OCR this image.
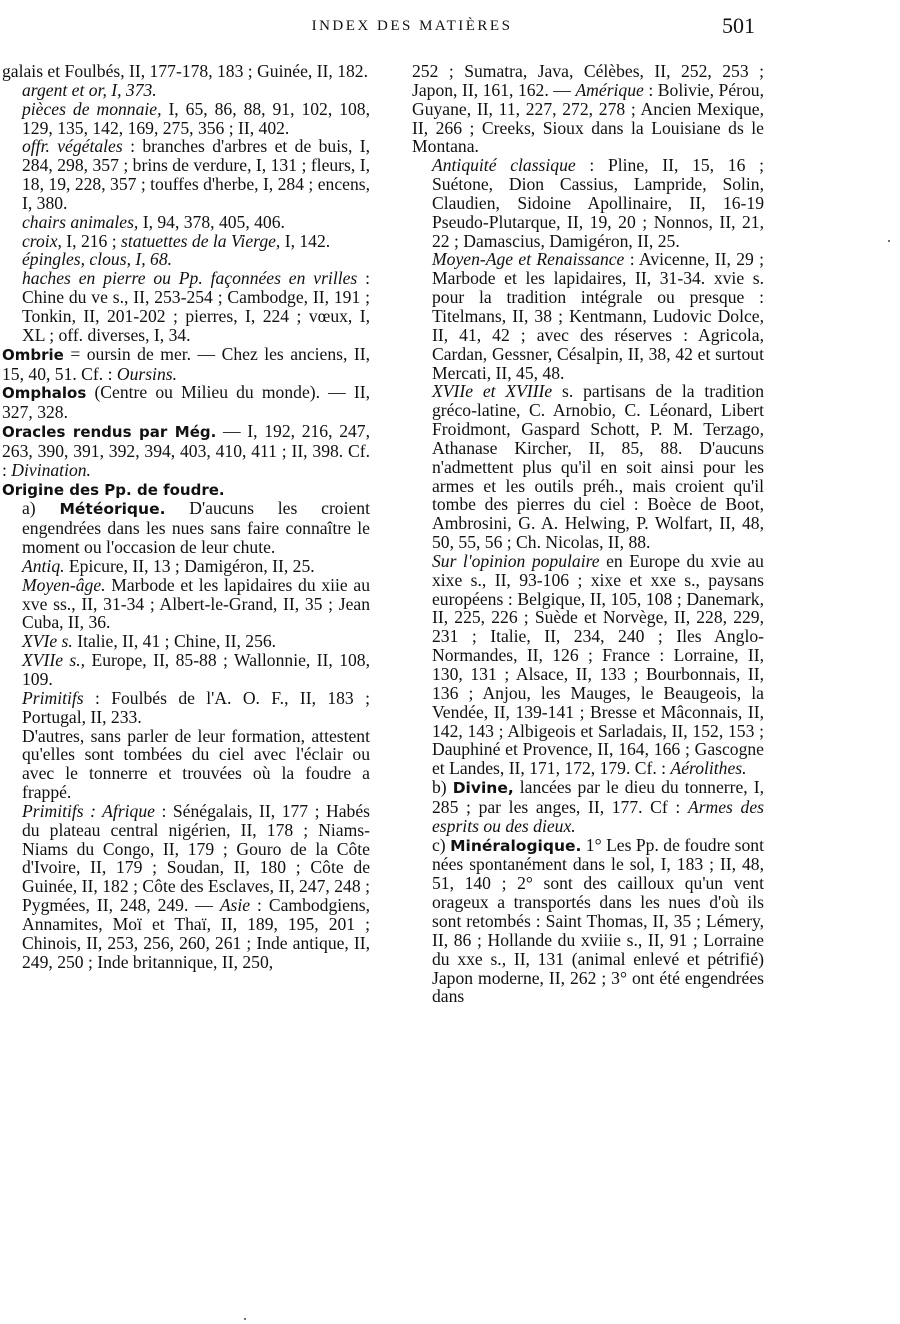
INDEX DES MATIÈRES	501

galais et Foulbés, II, 177-178, 183 ; Guinée, II, 182.

argent et or, I, 373.

pièces de monnaie, I, 65, 86, 88, 91, 102, 108, 129, 135, 142, 169, 275, 356 ; II, 402.

offr. végétales : branches d'arbres et de buis, I, 284, 298, 357 ; brins de verdure, I, 131 ; fleurs, I, 18, 19, 228, 357 ; touffes d'herbe, I, 284 ; encens, I, 380.

chairs animales, I, 94, 378, 405, 406.

croix, I, 216 ; statuettes de la Vierge, I, 142.

épingles, clous, I, 68.

haches en pierre ou Pp. façonnées en vrilles : Chine du ve s., II, 253-254 ; Cambodge, II, 191 ; Tonkin, II, 201-202 ; pierres, I, 224 ; vœux, I, XL ; off. diverses, I, 34.

Ombrie = oursin de mer. — Chez les anciens, II, 15, 40, 51. Cf. : Oursins.

Omphalos (Centre ou Milieu du monde). — II, 327, 328.

Oracles rendus par Még. — I, 192, 216, 247, 263, 390, 391, 392, 394, 403, 410, 411 ; II, 398. Cf. : Divination.

Origine des Pp. de foudre.

a) Météorique. D'aucuns les croient engendrées dans les nues sans faire connaître le moment ou l'occasion de leur chute.

Antiq. Epicure, II, 13 ; Damigéron, II, 25.

Moyen-âge. Marbode et les lapidaires du xiie au xve ss., II, 31-34 ; Albert-le-Grand, II, 35 ; Jean Cuba, II, 36.

XVIe s. Italie, II, 41 ; Chine, II, 256.

XVIIe s., Europe, II, 85-88 ; Wallonnie, II, 108, 109.

Primitifs : Foulbés de l'A. O. F., II, 183 ; Portugal, II, 233.

D'autres, sans parler de leur formation, attestent qu'elles sont tombées du ciel avec l'éclair ou avec le tonnerre et trouvées où la foudre a frappé.

Primitifs : Afrique : Sénégalais, II, 177 ; Habés du plateau central nigérien, II, 178 ; Niams-Niams du Congo, II, 179 ; Gouro de la Côte d'Ivoire, II, 179 ; Soudan, II, 180 ; Côte de Guinée, II, 182 ; Côte des Esclaves, II, 247, 248 ; Pygmées, II, 248, 249. — Asie : Cambodgiens, Annamites, Moï et Thaï, II, 189, 195, 201 ; Chinois, II, 253, 256, 260, 261 ; Inde antique, II, 249, 250 ; Inde britannique, II, 250,

252 ; Sumatra, Java, Célèbes, II, 252, 253 ; Japon, II, 161, 162. — Amérique : Bolivie, Pérou, Guyane, II, 11, 227, 272, 278 ; Ancien Mexique, II, 266 ; Creeks, Sioux dans la Louisiane ds le Montana.

Antiquité classique : Pline, II, 15, 16 ; Suétone, Dion Cassius, Lampride, Solin, Claudien, Sidoine Apollinaire, II, 16-19 Pseudo-Plutarque, II, 19, 20 ; Nonnos, II, 21, 22 ; Damascius, Damigéron, II, 25.

Moyen-Age et Renaissance : Avicenne, II, 29 ; Marbode et les lapidaires, II, 31-34. xvie s. pour la tradition intégrale ou presque : Titelmans, II, 38 ; Kentmann, Ludovic Dolce, II, 41, 42 ; avec des réserves : Agricola, Cardan, Gessner, Césalpin, II, 38, 42 et surtout Mercati, II, 45, 48.

XVIIe et XVIIIe s. partisans de la tradition gréco-latine, C. Arnobio, C. Léonard, Libert Froidmont, Gaspard Schott, P. M. Terzago, Athanase Kircher, II, 85, 88. D'aucuns n'admettent plus qu'il en soit ainsi pour les armes et les outils préh., mais croient qu'il tombe des pierres du ciel : Boèce de Boot, Ambrosini, G. A. Helwing, P. Wolfart, II, 48, 50, 55, 56 ; Ch. Nicolas, II, 88.

Sur l'opinion populaire en Europe du xvie au xixe s., II, 93-106 ; xixe et xxe s., paysans européens : Belgique, II, 105, 108 ; Danemark, II, 225, 226 ; Suède et Norvège, II, 228, 229, 231 ; Italie, II, 234, 240 ; Iles Anglo-Normandes, II, 126 ; France : Lorraine, II, 130, 131 ; Alsace, II, 133 ; Bourbonnais, II, 136 ; Anjou, les Mauges, le Beaugeois, la Vendée, II, 139-141 ; Bresse et Mâconnais, II, 142, 143 ; Albigeois et Sarladais, II, 152, 153 ; Dauphiné et Provence, II, 164, 166 ; Gascogne et Landes, II, 171, 172, 179. Cf. : Aérolithes.

b) Divine, lancées par le dieu du tonnerre, I, 285 ; par les anges, II, 177. Cf : Armes des esprits ou des dieux.

c) Minéralogique. 1° Les Pp. de foudre sont nées spontanément dans le sol, I, 183 ; II, 48, 51, 140 ; 2° sont des cailloux qu'un vent orageux a transportés dans les nues d'où ils sont retombés : Saint Thomas, II, 35 ; Lémery, II, 86 ; Hollande du xviiie s., II, 91 ; Lorraine du xxe s., II, 131 (animal enlevé et pétrifié) Japon moderne, II, 262 ; 3° ont été engendrées dans
